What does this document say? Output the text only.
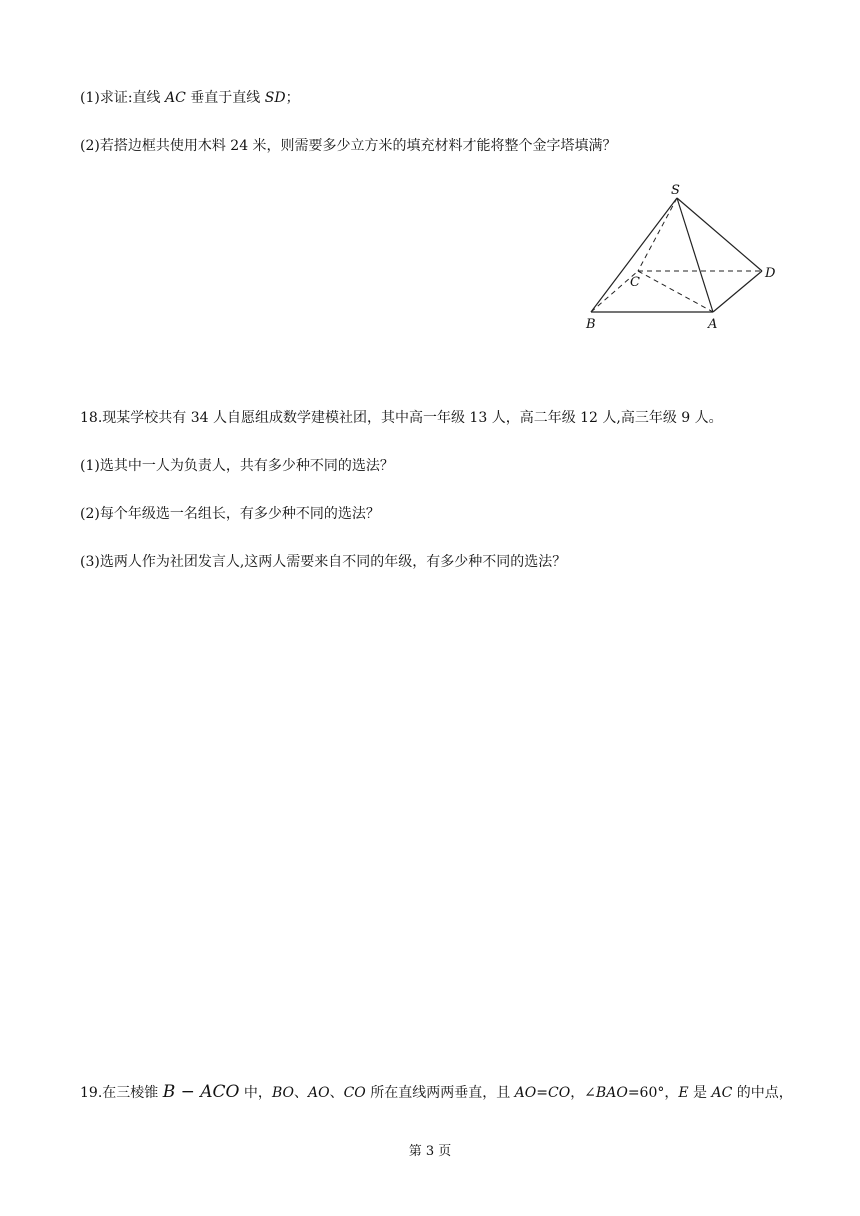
(1)求证:直线 AC 垂直于直线 SD；
(2)若搭边框共使用木料 24 米，则需要多少立方米的填充材料才能将整个金字塔填满？
S
C
D
B	A
18.现某学校共有 34 人自愿组成数学建模社团，其中高一年级 13 人，高二年级 12 人,高三年级 9 人。
(1)选其中一人为负责人，共有多少种不同的选法？
(2)每个年级选一名组长，有多少种不同的选法？
(3)选两人作为社团发言人,这两人需要来自不同的年级，有多少种不同的选法？
19.在三棱锥 B − ACO 中，BO、AO、CO 所在直线两两垂直，且 AO=CO，∠BAO=60°，E 是 AC 的中点，
第 3 页
